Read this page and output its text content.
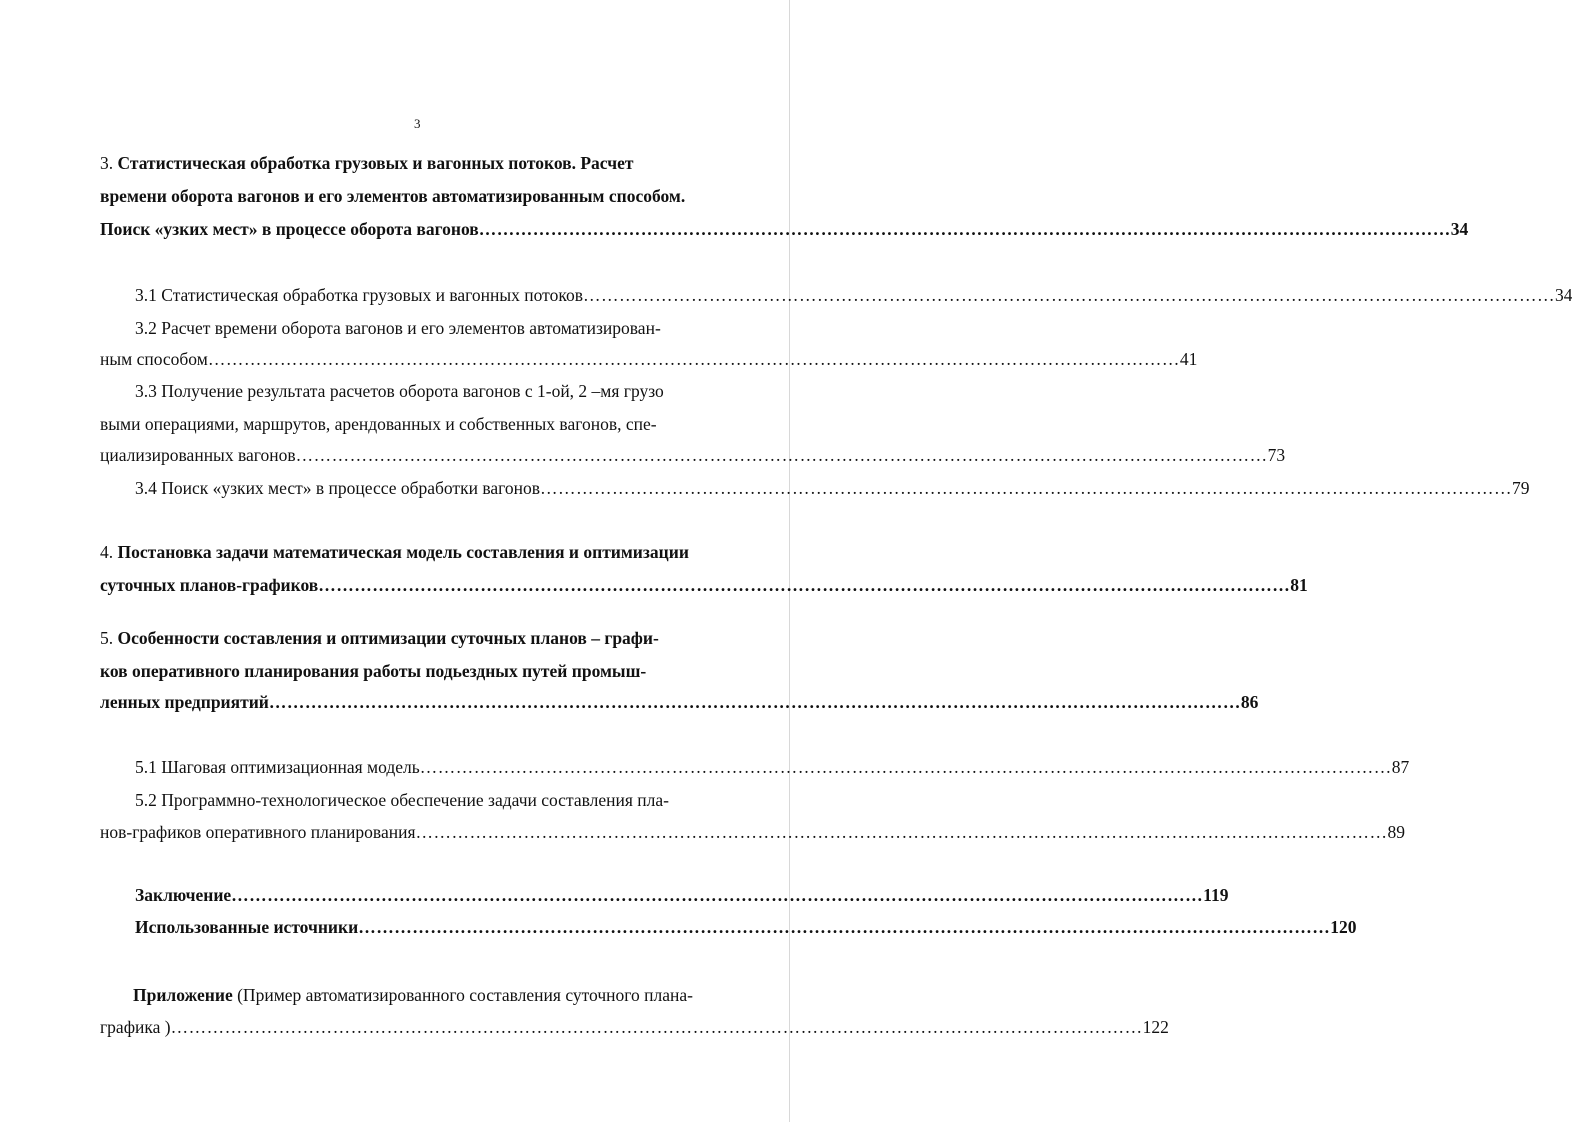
3
3. Статистическая обработка грузовых и вагонных потоков. Расчет
времени оборота вагонов и его элементов автоматизированным способом.
Поиск «узких мест» в процессе оборота вагонов ……………………………………………………………………………………………………………………………………………… 34
3.1 Статистическая обработка грузовых и вагонных потоков ……………………………………………………………………………………………………………………………………………… 34
3.2 Расчет времени оборота вагонов и его элементов автоматизирован-
ным способом ……………………………………………………………………………………………………………………………………………… 41
3.3 Получение результата расчетов оборота вагонов с 1-ой, 2 –мя грузо
выми операциями, маршрутов, арендованных и собственных вагонов, спе-
циализированных вагонов ……………………………………………………………………………………………………………………………………………… 73
3.4 Поиск «узких мест» в процессе обработки вагонов ……………………………………………………………………………………………………………………………………………… 79
4. Постановка задачи математическая модель составления и оптимизации
суточных планов-графиков ……………………………………………………………………………………………………………………………………………… 81
5. Особенности составления и оптимизации суточных планов – графи-
ков оперативного планирования работы подьездных путей промыш-
ленных предприятий ……………………………………………………………………………………………………………………………………………… 86
5.1 Шаговая оптимизационная модель ……………………………………………………………………………………………………………………………………………… 87
5.2 Программно-технологическое обеспечение задачи составления пла-
нов-графиков оперативного планирования ……………………………………………………………………………………………………………………………………………… 89
Заключение ……………………………………………………………………………………………………………………………………………… 119
Использованные источники ……………………………………………………………………………………………………………………………………………… 120
Приложение (Пример автоматизированного составления суточного плана-
графика ) ……………………………………………………………………………………………………………………………………………… 122
